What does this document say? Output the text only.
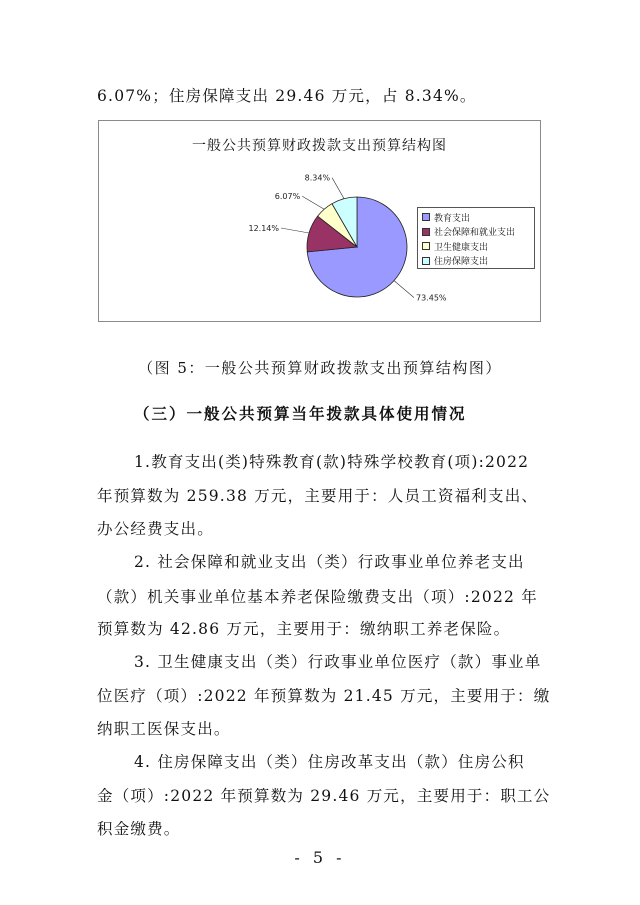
6.07%；住房保障支出 29.46 万元，占 8.34%。
一般公共预算财政拨款支出预算结构图
73.45%
12.14%
6.07%
8.34%
教育支出
社会保障和就业支出
卫生健康支出
住房保障支出
（图 5：一般公共预算财政拨款支出预算结构图）
（三）一般公共预算当年拨款具体使用情况
1.教育支出(类)特殊教育(款)特殊学校教育(项):2022
年预算数为 259.38 万元，主要用于：人员工资福利支出、
办公经费支出。
2. 社会保障和就业支出（类）行政事业单位养老支出
（款）机关事业单位基本养老保险缴费支出（项）:2022 年
预算数为 42.86 万元，主要用于：缴纳职工养老保险。
3. 卫生健康支出（类）行政事业单位医疗（款）事业单
位医疗（项）:2022 年预算数为 21.45 万元，主要用于：缴
纳职工医保支出。
4. 住房保障支出（类）住房改革支出（款）住房公积
金（项）:2022 年预算数为 29.46 万元，主要用于：职工公
积金缴费。
- 5 -
